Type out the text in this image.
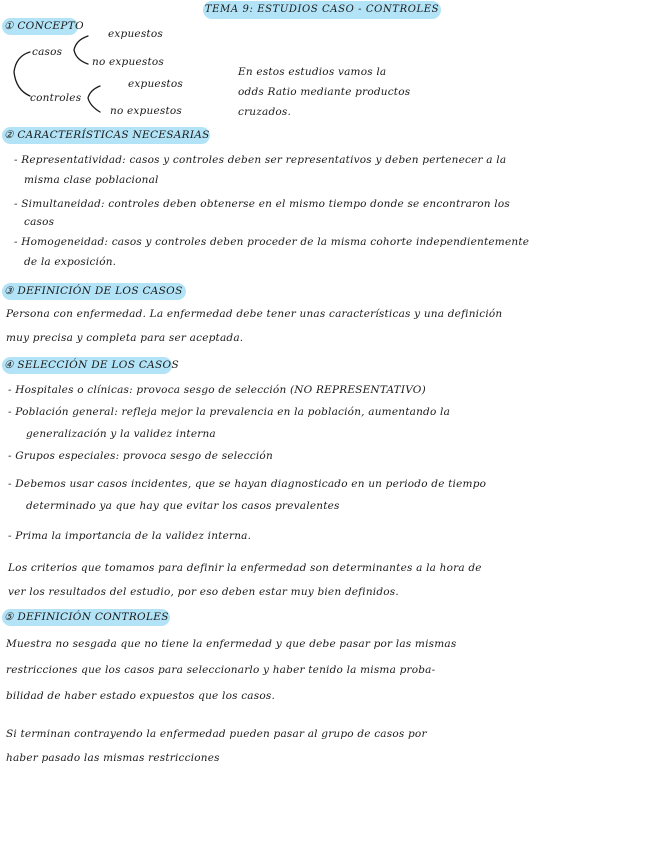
TEMA 9: ESTUDIOS CASO - CONTROLES
① CONCEPTO
casos
expuestos
no expuestos
controles
expuestos
no expuestos
En estos estudios vamos la
odds Ratio mediante productos
cruzados.
② CARACTERÍSTICAS NECESARIAS
- Representatividad: casos y controles deben ser representativos y deben pertenecer a la
misma clase poblacional
- Simultaneidad: controles deben obtenerse en el mismo tiempo donde se encontraron los
casos
- Homogeneidad: casos y controles deben proceder de la misma cohorte independientemente
de la exposición.
③ DEFINICIÓN DE LOS CASOS
Persona con enfermedad. La enfermedad debe tener unas características y una definición
muy precisa y completa para ser aceptada.
④ SELECCIÓN DE LOS CASOS
- Hospitales o clínicas: provoca sesgo de selección (NO REPRESENTATIVO)
- Población general: refleja mejor la prevalencia en la población, aumentando la
generalización y la validez interna
- Grupos especiales: provoca sesgo de selección
- Debemos usar casos incidentes, que se hayan diagnosticado en un periodo de tiempo
determinado ya que hay que evitar los casos prevalentes
- Prima la importancia de la validez interna.
Los criterios que tomamos para definir la enfermedad son determinantes a la hora de
ver los resultados del estudio, por eso deben estar muy bien definidos.
⑤ DEFINICIÓN CONTROLES
Muestra no sesgada que no tiene la enfermedad y que debe pasar por las mismas
restricciones que los casos para seleccionarlo y haber tenido la misma proba-
bilidad de haber estado expuestos que los casos.
Si terminan contrayendo la enfermedad pueden pasar al grupo de casos por
haber pasado las mismas restricciones
